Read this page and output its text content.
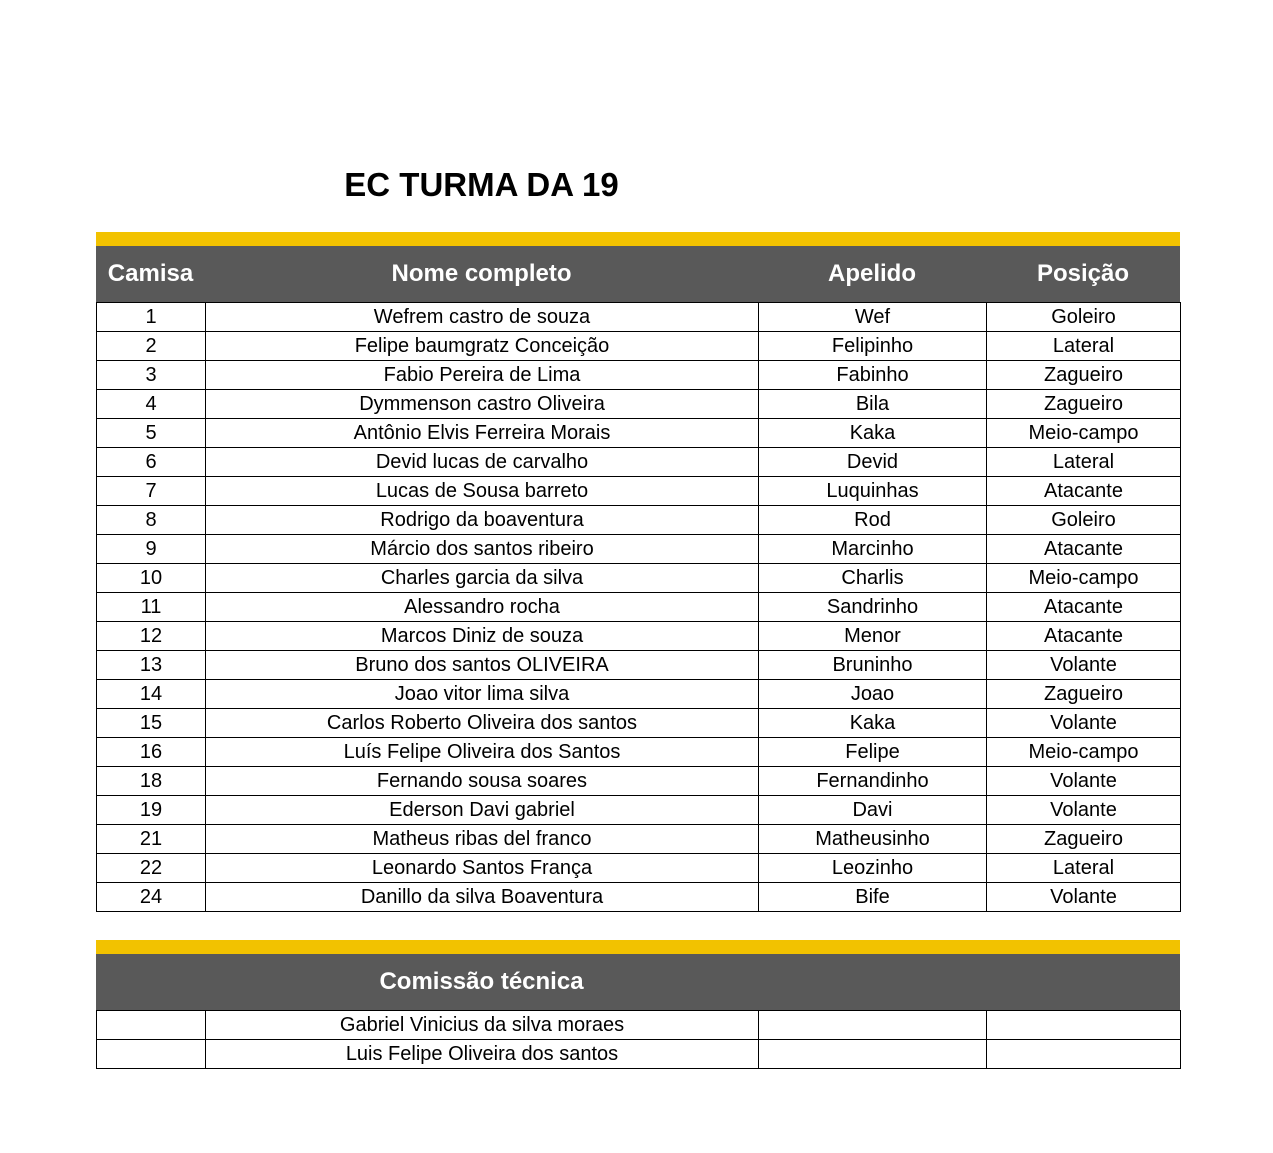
EC TURMA DA 19
Camisa	Nome completo	Apelido	Posição
1	Wefrem castro de souza	Wef	Goleiro
2	Felipe baumgratz Conceição	Felipinho	Lateral
3	Fabio Pereira de Lima	Fabinho	Zagueiro
4	Dymmenson castro Oliveira	Bila	Zagueiro
5	Antônio Elvis Ferreira Morais	Kaka	Meio-campo
6	Devid lucas de carvalho	Devid	Lateral
7	Lucas de Sousa barreto	Luquinhas	Atacante
8	Rodrigo da boaventura	Rod	Goleiro
9	Márcio dos santos ribeiro	Marcinho	Atacante
10	Charles garcia da silva	Charlis	Meio-campo
11	Alessandro rocha	Sandrinho	Atacante
12	Marcos Diniz de souza	Menor	Atacante
13	Bruno dos santos OLIVEIRA	Bruninho	Volante
14	Joao vitor lima silva	Joao	Zagueiro
15	Carlos Roberto Oliveira dos santos	Kaka	Volante
16	Luís Felipe Oliveira dos Santos	Felipe	Meio-campo
18	Fernando sousa soares	Fernandinho	Volante
19	Ederson Davi gabriel	Davi	Volante
21	Matheus ribas del franco	Matheusinho	Zagueiro
22	Leonardo Santos França	Leozinho	Lateral
24	Danillo da silva Boaventura	Bife	Volante
Comissão técnica
	Gabriel Vinicius da silva moraes		
	Luis Felipe Oliveira dos santos		
